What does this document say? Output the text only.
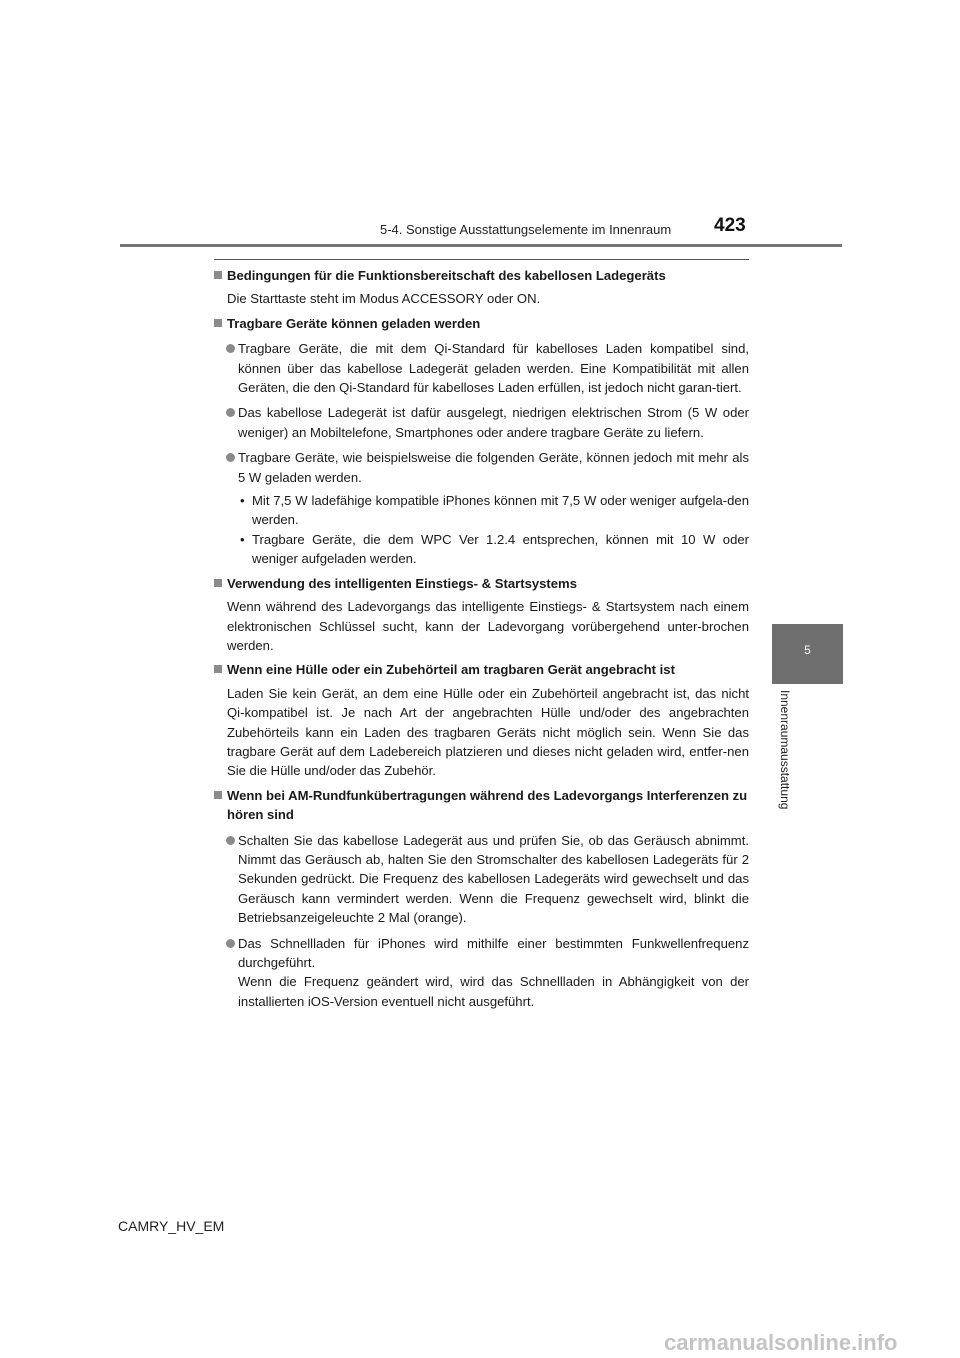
5-4. Sonstige Ausstattungselemente im Innenraum 423
5
Innenraumausstattung
Bedingungen für die Funktionsbereitschaft des kabellosen Ladegeräts
Die Starttaste steht im Modus ACCESSORY oder ON.
Tragbare Geräte können geladen werden
Tragbare Geräte, die mit dem Qi-Standard für kabelloses Laden kompatibel sind, können über das kabellose Ladegerät geladen werden. Eine Kompatibilität mit allen Geräten, die den Qi-Standard für kabelloses Laden erfüllen, ist jedoch nicht garan-tiert.
Das kabellose Ladegerät ist dafür ausgelegt, niedrigen elektrischen Strom (5 W oder weniger) an Mobiltelefone, Smartphones oder andere tragbare Geräte zu liefern.
Tragbare Geräte, wie beispielsweise die folgenden Geräte, können jedoch mit mehr als 5 W geladen werden.
• Mit 7,5 W ladefähige kompatible iPhones können mit 7,5 W oder weniger aufgela-den werden.
• Tragbare Geräte, die dem WPC Ver 1.2.4 entsprechen, können mit 10 W oder weniger aufgeladen werden.
Verwendung des intelligenten Einstiegs- & Startsystems
Wenn während des Ladevorgangs das intelligente Einstiegs- & Startsystem nach einem elektronischen Schlüssel sucht, kann der Ladevorgang vorübergehend unter-brochen werden.
Wenn eine Hülle oder ein Zubehörteil am tragbaren Gerät angebracht ist
Laden Sie kein Gerät, an dem eine Hülle oder ein Zubehörteil angebracht ist, das nicht Qi-kompatibel ist. Je nach Art der angebrachten Hülle und/oder des angebrachten Zubehörteils kann ein Laden des tragbaren Geräts nicht möglich sein. Wenn Sie das tragbare Gerät auf dem Ladebereich platzieren und dieses nicht geladen wird, entfer-nen Sie die Hülle und/oder das Zubehör.
Wenn bei AM-Rundfunkübertragungen während des Ladevorgangs Interferenzen zu hören sind
Schalten Sie das kabellose Ladegerät aus und prüfen Sie, ob das Geräusch abnimmt. Nimmt das Geräusch ab, halten Sie den Stromschalter des kabellosen Ladegeräts für 2 Sekunden gedrückt. Die Frequenz des kabellosen Ladegeräts wird gewechselt und das Geräusch kann vermindert werden. Wenn die Frequenz gewechselt wird, blinkt die Betriebsanzeigeleuchte 2 Mal (orange).
Das Schnellladen für iPhones wird mithilfe einer bestimmten Funkwellenfrequenz durchgeführt.
Wenn die Frequenz geändert wird, wird das Schnellladen in Abhängigkeit von der installierten iOS-Version eventuell nicht ausgeführt.
CAMRY_HV_EM
carmanualsonline.info
